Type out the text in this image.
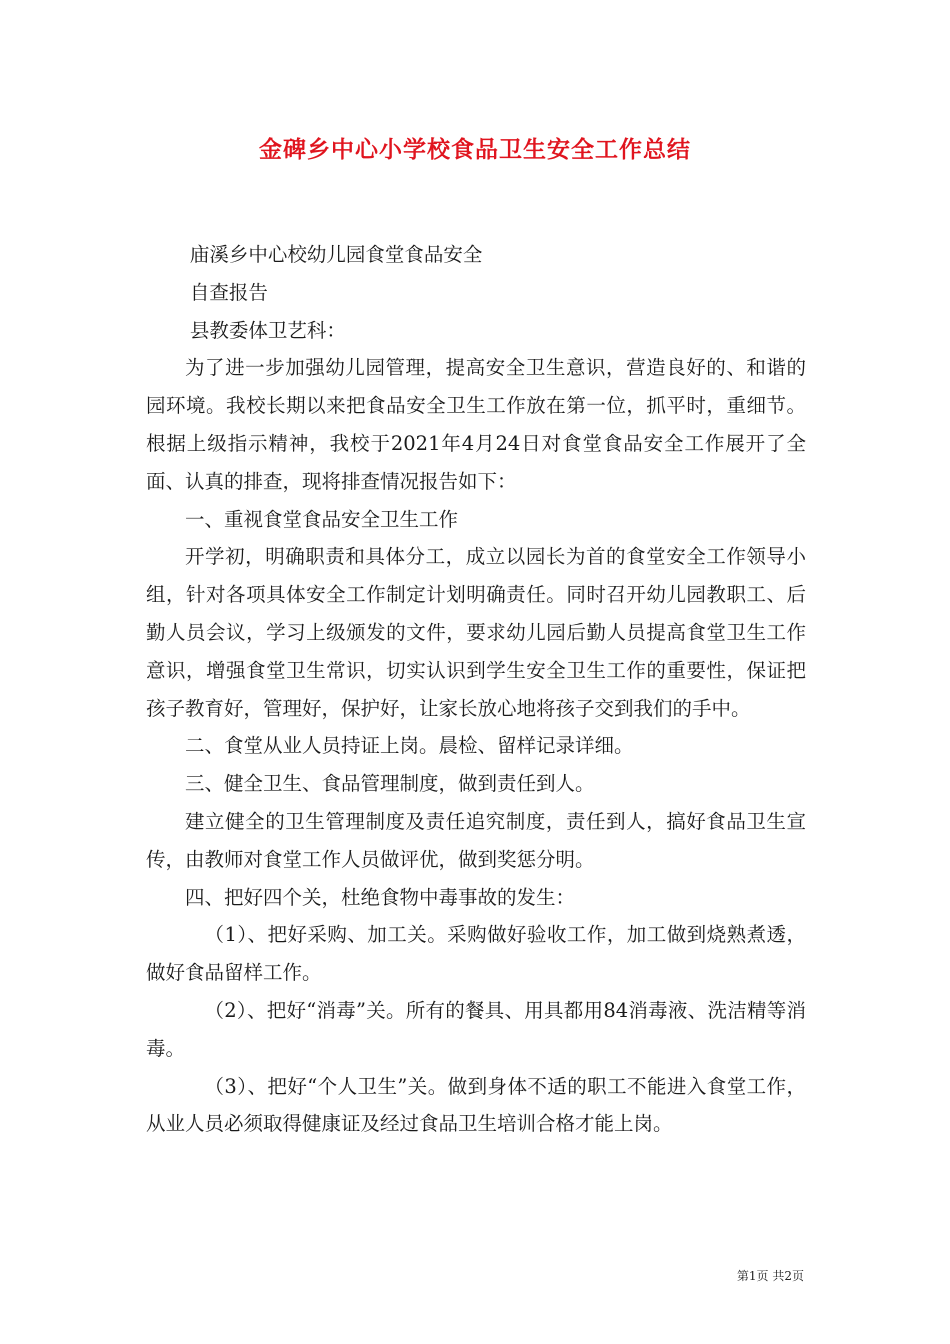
金碑乡中心小学校食品卫生安全工作总结

庙溪乡中心校幼儿园食堂食品安全

自查报告

县教委体卫艺科：

为了进一步加强幼儿园管理，提高安全卫生意识，营造良好的、和谐的园环境。我校长期以来把食品安全卫生工作放在第一位，抓平时，重细节。根据上级指示精神，我校于2021年4月24日对食堂食品安全工作展开了全面、认真的排查，现将排查情况报告如下：

一、重视食堂食品安全卫生工作

开学初，明确职责和具体分工，成立以园长为首的食堂安全工作领导小组，针对各项具体安全工作制定计划明确责任。同时召开幼儿园教职工、后勤人员会议，学习上级颁发的文件，要求幼儿园后勤人员提高食堂卫生工作意识，增强食堂卫生常识，切实认识到学生安全卫生工作的重要性，保证把孩子教育好，管理好，保护好，让家长放心地将孩子交到我们的手中。

二、食堂从业人员持证上岗。晨检、留样记录详细。

三、健全卫生、食品管理制度，做到责任到人。

建立健全的卫生管理制度及责任追究制度，责任到人，搞好食品卫生宣传，由教师对食堂工作人员做评优，做到奖惩分明。

四、把好四个关，杜绝食物中毒事故的发生：

（1）、把好采购、加工关。采购做好验收工作，加工做到烧熟煮透，做好食品留样工作。

（2）、把好“消毒”关。所有的餐具、用具都用84消毒液、洗洁精等消毒。

（3）、把好“个人卫生”关。做到身体不适的职工不能进入食堂工作，从业人员必须取得健康证及经过食品卫生培训合格才能上岗。

第1页 共2页
